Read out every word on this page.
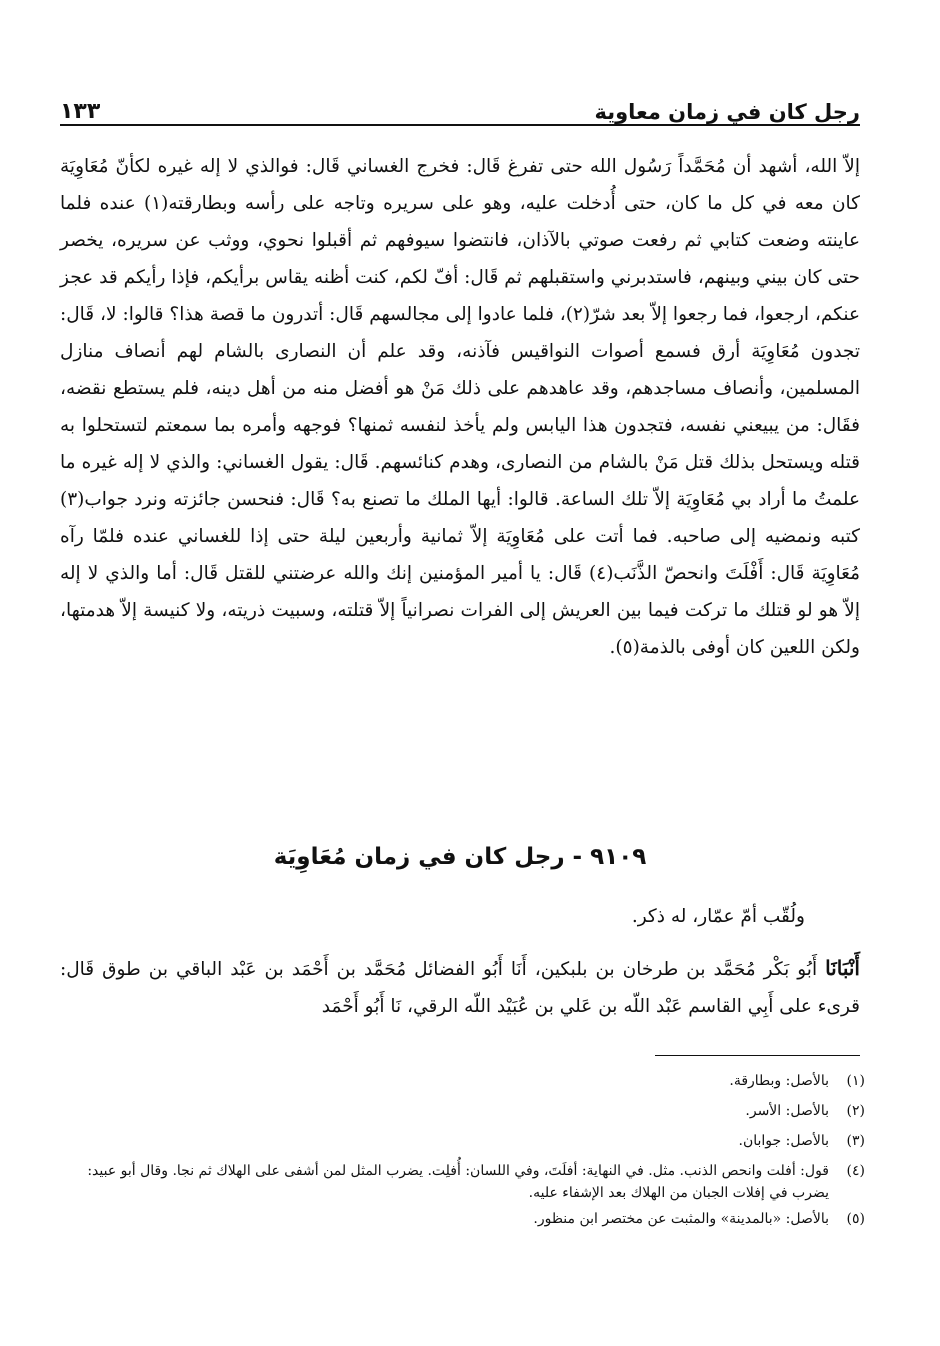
رجل كان في زمان معاوية
١٣٣

إلاّ الله، أشهد أن مُحَمَّداً رَسُول الله حتى تفرغ قَال: فخرج الغساني قَال: فوالذي لا إله غيره لكأنّ مُعَاوِيَة كان معه في كل ما كان، حتى أُدخلت عليه، وهو على سريره وتاجه على رأسه وبطارقته(١) عنده فلما عاينته وضعت كتابي ثم رفعت صوتي بالآذان، فانتضوا سيوفهم ثم أقبلوا نحوي، ووثب عن سريره، يخصر حتى كان بيني وبينهم، فاستدبرني واستقبلهم ثم قَال: أفّ لكم، كنت أظنه يقاس برأيكم، فإذا رأيكم قد عجز عنكم، ارجعوا، فما رجعوا إلاّ بعد شرّ(٢)، فلما عادوا إلى مجالسهم قَال: أتدرون ما قصة هذا؟ قالوا: لا، قَال: تجدون مُعَاوِيَة أرق فسمع أصوات النواقيس فآذنه، وقد علم أن النصارى بالشام لهم أنصاف منازل المسلمين، وأنصاف مساجدهم، وقد عاهدهم على ذلك مَنْ هو أفضل منه من أهل دينه، فلم يستطع نقضه، فقَال: من يبيعني نفسه، فتجدون هذا اليابس ولم يأخذ لنفسه ثمنها؟ فوجهه وأمره بما سمعتم لتستحلوا به قتله ويستحل بذلك قتل مَنْ بالشام من النصارى، وهدم كنائسهم. قَال: يقول الغساني: والذي لا إله غيره ما علمتُ ما أراد بي مُعَاوِيَة إلاّ تلك الساعة. قالوا: أيها الملك ما تصنع به؟ قَال: فنحسن جائزته ونرد جواب(٣) كتبه ونمضيه إلى صاحبه. فما أتت على مُعَاوِيَة إلاّ ثمانية وأربعين ليلة حتى إذا للغساني عنده فلمّا رآه مُعَاوِيَة قَال: أَفْلَتَ وانحصّ الذَّنَب(٤) قَال: يا أمير المؤمنين إنك والله عرضتني للقتل قَال: أما والذي لا إله إلاّ هو لو قتلك ما تركت فيما بين العريش إلى الفرات نصرانياً إلاّ قتلته، وسبيت ذريته، ولا كنيسة إلاّ هدمتها، ولكن اللعين كان أوفى بالذمة(٥).

٩١٠٩ - رجل كان في زمان مُعَاوِيَة
ولُقّب أمّ عمّار، له ذكر.
أَنْبَانَا أَبُو بَكْر مُحَمَّد بن طرخان بن بلبكين، أَنَا أَبُو الفضائل مُحَمَّد بن أَحْمَد بن عَبْد الباقي بن طوق قَال: قرىء على أَبِي القاسم عَبْد اللّه بن عَلي بن عُبَيْد اللّه الرقي، نَا أَبُو أَحْمَد
(١)
بالأصل: وبطارقة.
(٢)
بالأصل: الأسر.
(٣)
بالأصل: جوابان.
(٤)
قول: أفلت وانحص الذنب. مثل. في النهاية: أفلَتَ، وفي اللسان: أُفلِت. يضرب المثل لمن أشفى على الهلاك ثم نجا. وقال أبو عبيد: يضرب في إفلات الجبان من الهلاك بعد الإشفاء عليه.
(٥)
بالأصل: «بالمدينة» والمثبت عن مختصر ابن منظور.
